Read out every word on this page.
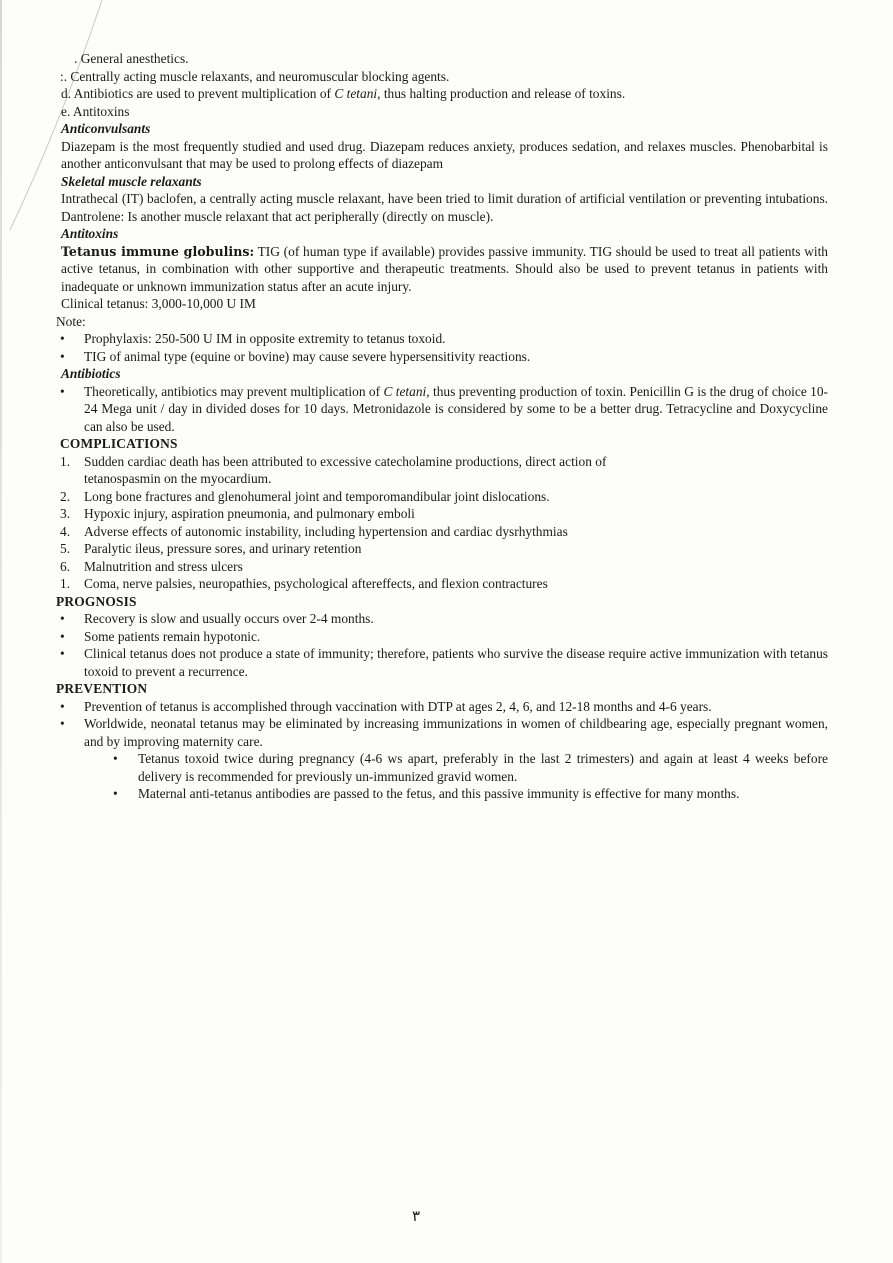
. General anesthetics.

:. Centrally acting muscle relaxants, and neuromuscular blocking agents.

d. Antibiotics are used to prevent multiplication of C tetani, thus halting production and release of toxins.

e. Antitoxins

Anticonvulsants

Diazepam is the most frequently studied and used drug. Diazepam reduces anxiety, produces sedation, and relaxes muscles. Phenobarbital is another anticonvulsant that may be used to prolong effects of diazepam

Skeletal muscle relaxants

Intrathecal (IT) baclofen, a centrally acting muscle relaxant, have been tried to limit duration of artificial ventilation or preventing intubations. Dantrolene: Is another muscle relaxant that act peripherally (directly on muscle).

Antitoxins

Tetanus immune globulins: TIG (of human type if available) provides passive immunity. TIG should be used to treat all patients with active tetanus, in combination with other supportive and therapeutic treatments. Should also be used to prevent tetanus in patients with inadequate or unknown immunization status after an acute injury.

Clinical tetanus: 3,000-10,000 U IM

Note:

• Prophylaxis: 250-500 U IM in opposite extremity to tetanus toxoid.
• TIG of animal type (equine or bovine) may cause severe hypersensitivity reactions.

Antibiotics

• Theoretically, antibiotics may prevent multiplication of C tetani, thus preventing production of toxin. Penicillin G is the drug of choice 10-24 Mega unit / day in divided doses for 10 days. Metronidazole is considered by some to be a better drug. Tetracycline and Doxycycline can also be used.

COMPLICATIONS

1. Sudden cardiac death has been attributed to excessive catecholamine productions, direct action of tetanospasmin on the myocardium.
2. Long bone fractures and glenohumeral joint and temporomandibular joint dislocations.
3. Hypoxic injury, aspiration pneumonia, and pulmonary emboli
4. Adverse effects of autonomic instability, including hypertension and cardiac dysrhythmias
5. Paralytic ileus, pressure sores, and urinary retention
6. Malnutrition and stress ulcers
1. Coma, nerve palsies, neuropathies, psychological aftereffects, and flexion contractures

PROGNOSIS

• Recovery is slow and usually occurs over 2-4 months.
• Some patients remain hypotonic.
• Clinical tetanus does not produce a state of immunity; therefore, patients who survive the disease require active immunization with tetanus toxoid to prevent a recurrence.

PREVENTION

• Prevention of tetanus is accomplished through vaccination with DTP at ages 2, 4, 6, and 12-18 months and 4-6 years.
• Worldwide, neonatal tetanus may be eliminated by increasing immunizations in women of childbearing age, especially pregnant women, and by improving maternity care.
• Tetanus toxoid twice during pregnancy (4-6 ws apart, preferably in the last 2 trimesters) and again at least 4 weeks before delivery is recommended for previously un-immunized gravid women.
• Maternal anti-tetanus antibodies are passed to the fetus, and this passive immunity is effective for many months.
٣
